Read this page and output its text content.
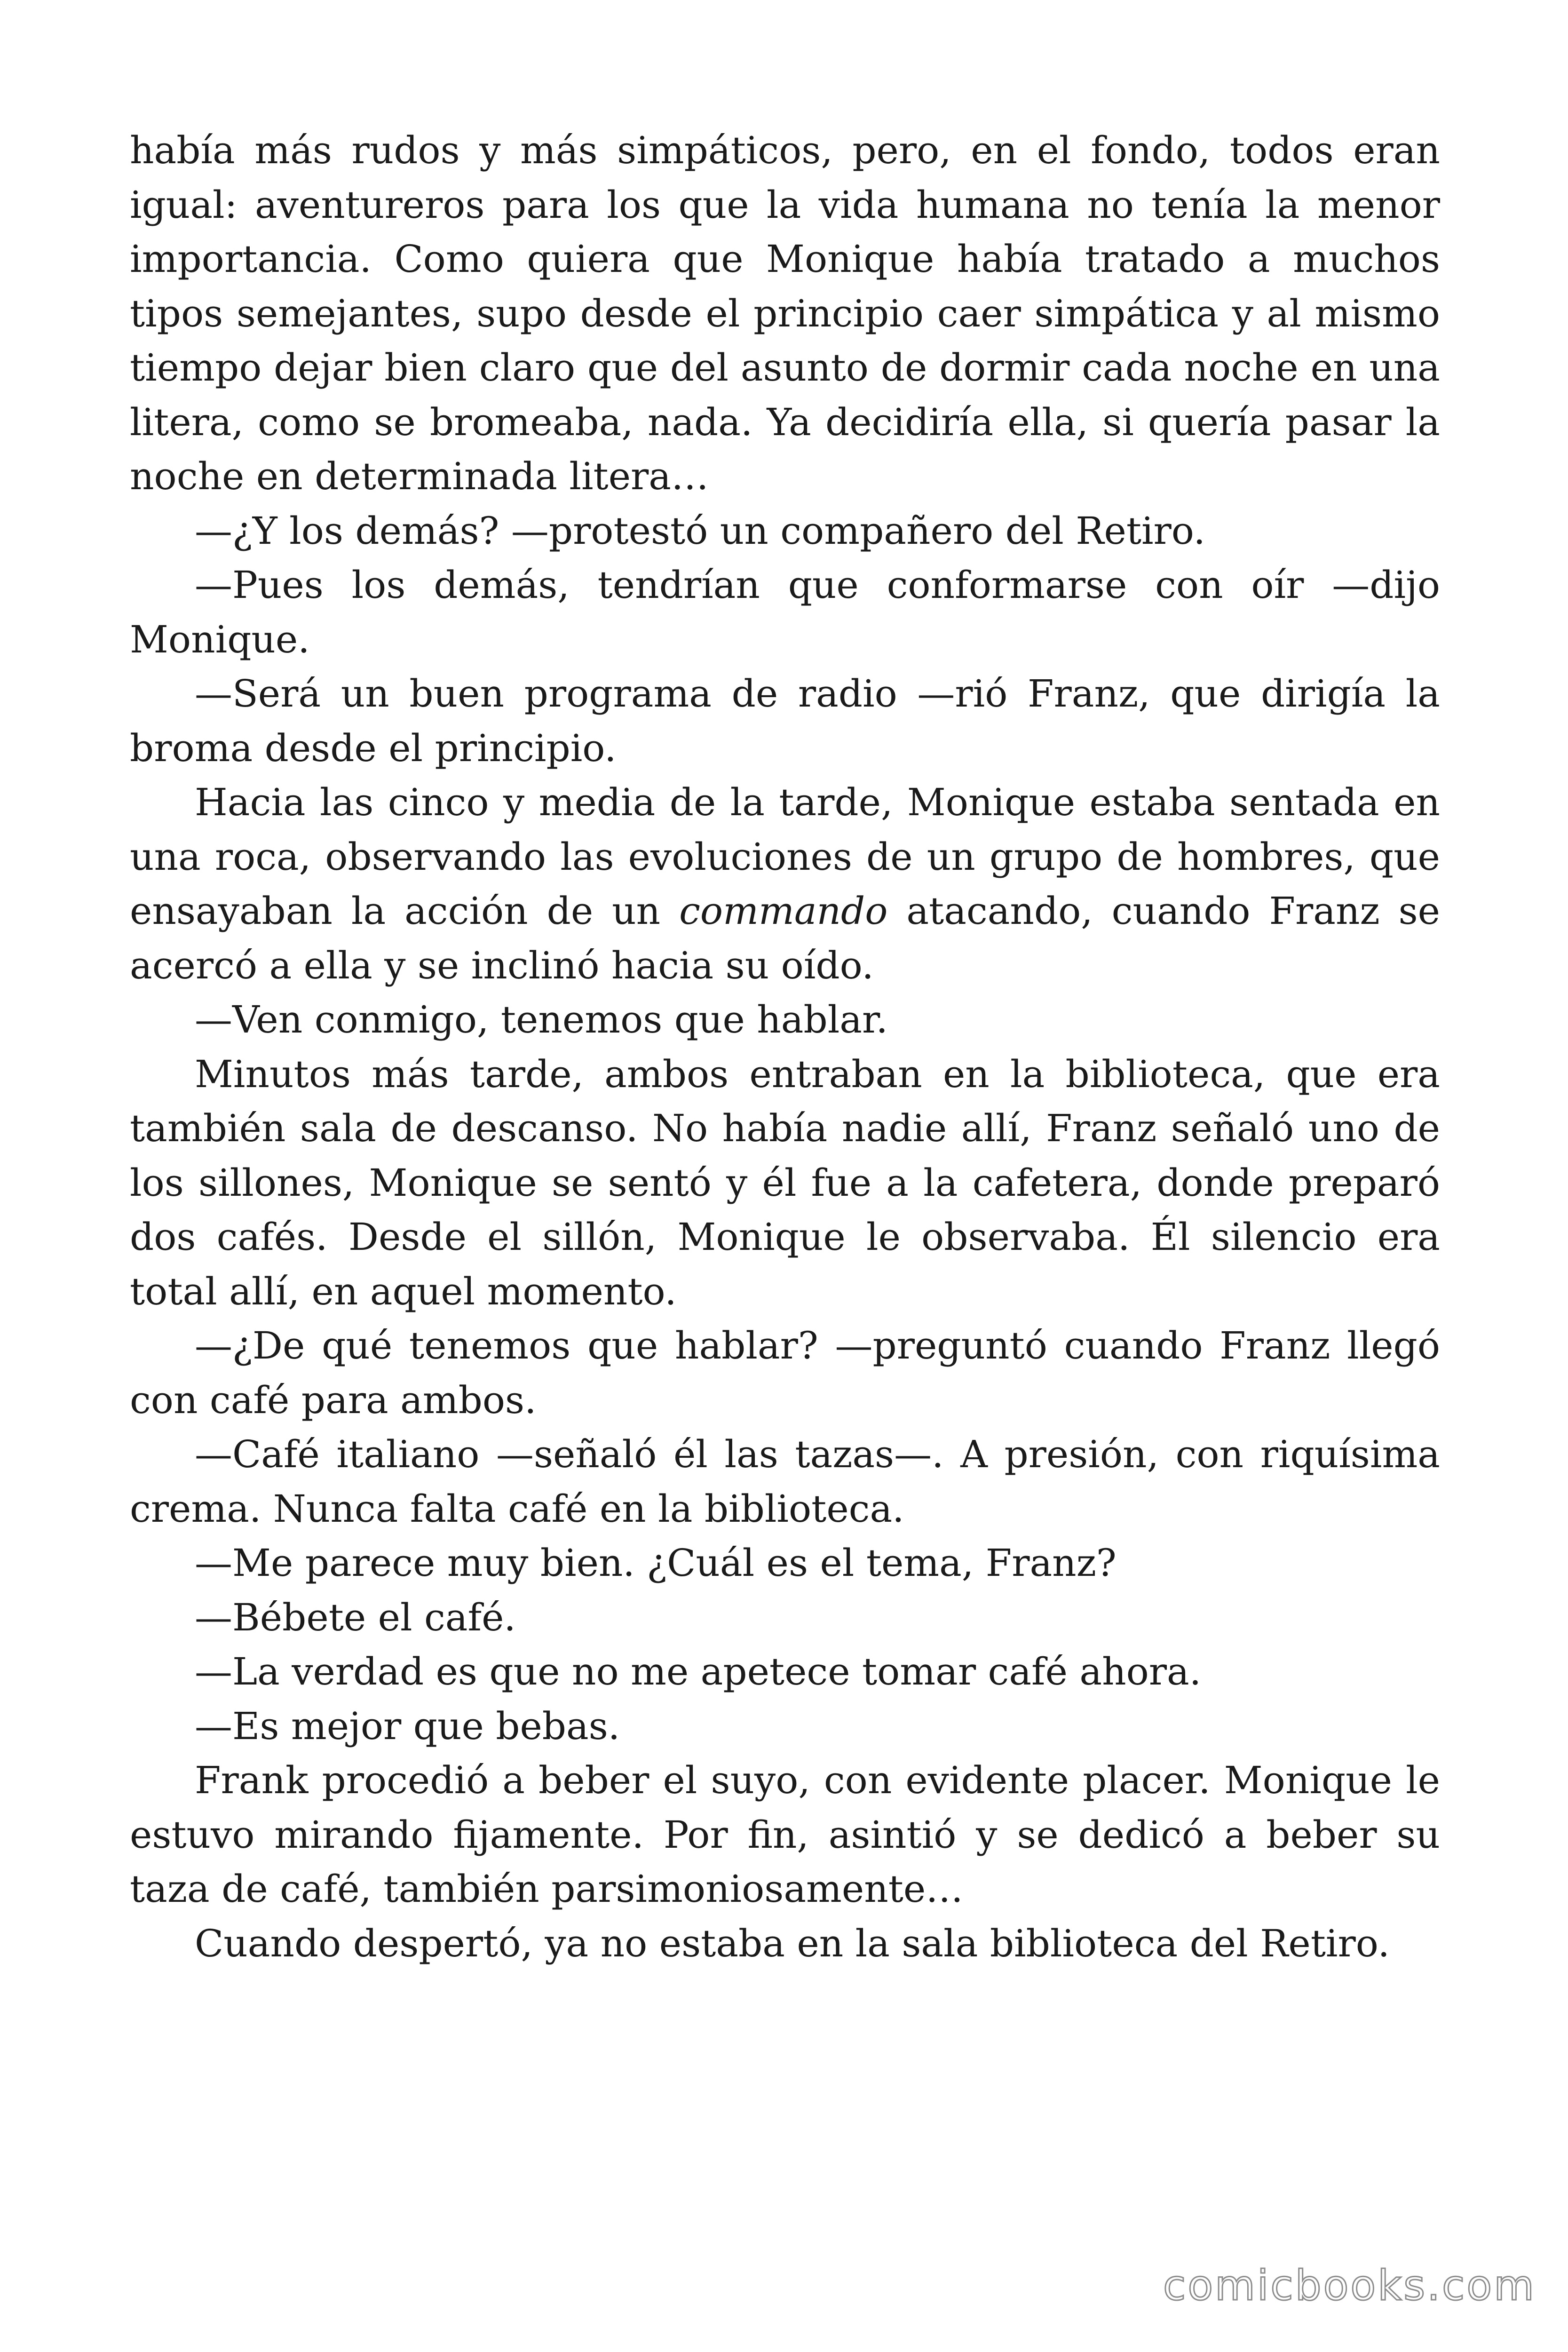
había más rudos y más simpáticos, pero, en el fondo, todos eran igual: aventureros para los que la vida humana no tenía la menor importancia. Como quiera que Monique había tratado a muchos tipos semejantes, supo desde el principio caer simpática y al mismo tiempo dejar bien claro que del asunto de dormir cada noche en una litera, como se bromeaba, nada. Ya decidiría ella, si quería pasar la noche en determinada litera…

—¿Y los demás? —protestó un compañero del Retiro.

—Pues los demás, tendrían que conformarse con oír —dijo Monique.

—Será un buen programa de radio —rió Franz, que dirigía la broma desde el principio.

Hacia las cinco y media de la tarde, Monique estaba sentada en una roca, observando las evoluciones de un grupo de hombres, que ensayaban la acción de un commando atacando, cuando Franz se acercó a ella y se inclinó hacia su oído.

—Ven conmigo, tenemos que hablar.

Minutos más tarde, ambos entraban en la biblioteca, que era también sala de descanso. No había nadie allí, Franz señaló uno de los sillones, Monique se sentó y él fue a la cafetera, donde preparó dos cafés. Desde el sillón, Monique le observaba. Él silencio era total allí, en aquel momento.

—¿De qué tenemos que hablar? —preguntó cuando Franz llegó con café para ambos.

—Café italiano —señaló él las tazas—. A presión, con riquísima crema. Nunca falta café en la biblioteca.

—Me parece muy bien. ¿Cuál es el tema, Franz?

—Bébete el café.

—La verdad es que no me apetece tomar café ahora.

—Es mejor que bebas.

Frank procedió a beber el suyo, con evidente placer. Monique le estuvo mirando fijamente. Por fin, asintió y se dedicó a beber su taza de café, también parsimoniosamente…

Cuando despertó, ya no estaba en la sala biblioteca del Retiro.

comicbooks.com
